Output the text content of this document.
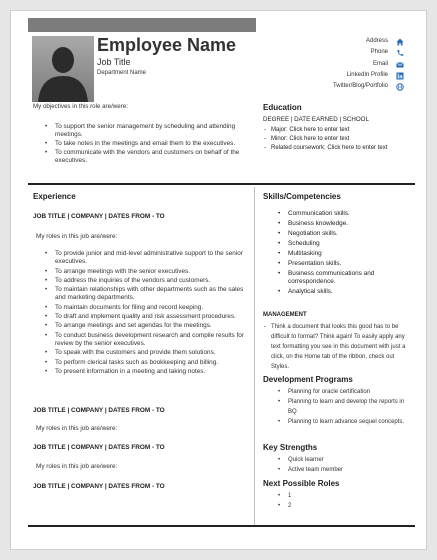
Employee Name
Job Title
Department Name
Address
Phone
Email
LinkedIn Profile
Twitter/Blog/Portfolio
My objectives in this role are/were:
• To support the senior management by scheduling and attending meetings.
• To take notes in the meetings and email them to the executives.
• To communicate with the vendors and customers on behalf of the executives.
Education
DEGREE | DATE EARNED | SCHOOL
- Major: Click here to enter text
- Minor: Click here to enter text
- Related coursework: Click here to enter text
Experience
JOB TITLE | COMPANY | DATES FROM - TO
My roles in this job are/were:
• To provide junior and mid-level administrative support to the senior executives.
• To arrange meetings with the senior executives.
• To address the inquiries of the vendors and customers.
• To maintain relationships with other departments such as the sales and marketing departments.
• To maintain documents for filing and record keeping.
• To draft and implement quality and risk assessment procedures.
• To arrange meetings and set agendas for the meetings.
• To conduct business development research and compile results for review by the senior executives.
• To speak with the customers and provide them solutions.
• To perform clerical tasks such as bookkeeping and billing.
• To present information in a meeting and taking notes.
JOB TITLE | COMPANY | DATES FROM - TO
My roles in this job are/were:
JOB TITLE | COMPANY | DATES FROM - TO
My roles in this job are/were:
JOB TITLE | COMPANY | DATES FROM - TO
Skills/Competencies
• Communication skills.
• Business knowledge.
• Negotiation skills.
• Scheduling
• Multitasking
• Presentation skills.
• Business communications and correspondence.
• Analytical skills.
MANAGEMENT
- Think a document that looks this good has to be difficult to format? Think again! To easily apply any text formatting you see in this document with just a click, on the Home tab of the ribbon, check out Styles.
Development Programs
• Planning for oracle certification
• Planning to learn and develop the reports in BQ
• Planning to learn advance sequel concepts.
Key Strengths
• Quick learner
• Active team member
Next Possible Roles
• 1
• 2
